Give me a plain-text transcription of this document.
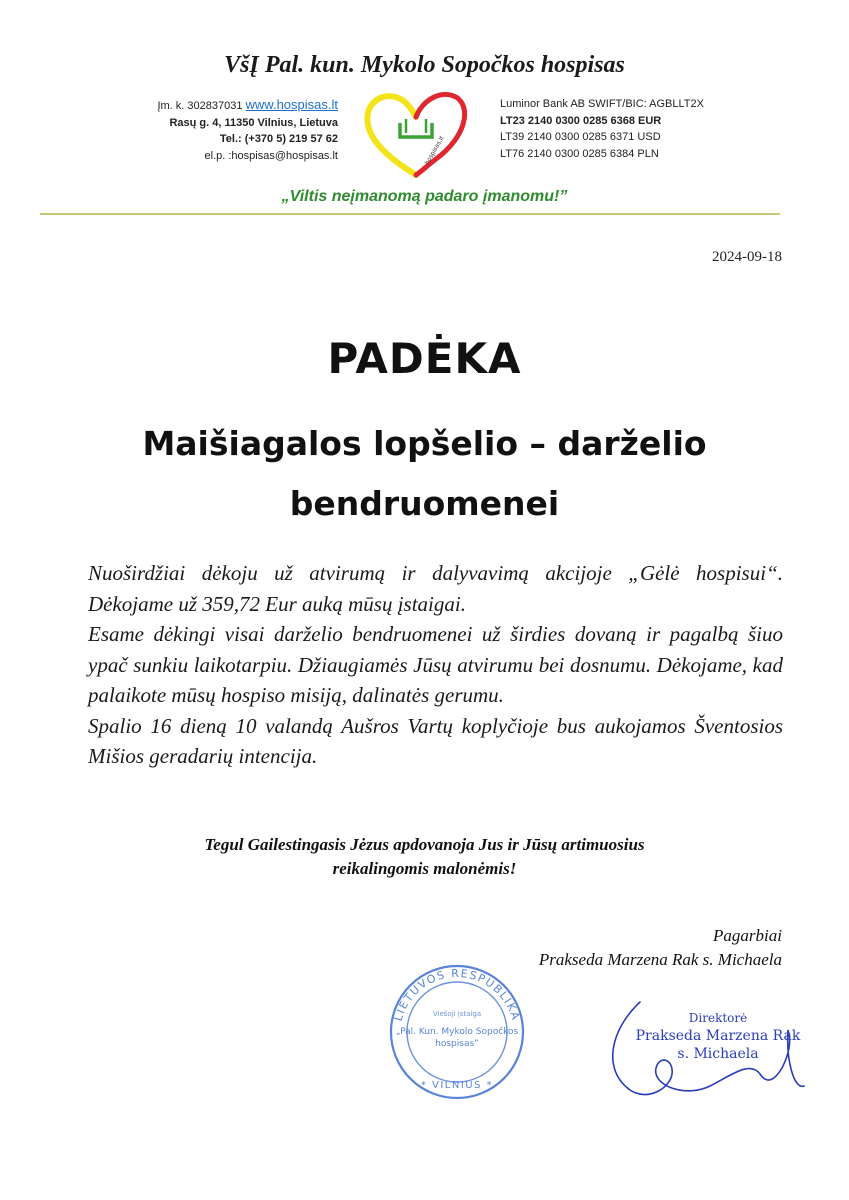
VšĮ Pal. kun. Mykolo Sopočkos hospisas
Įm. k. 302837031 www.hospisas.lt
Rasų g. 4, 11350 Vilnius, Lietuva
Tel.: (+370 5) 219 57 62
el.p. :hospisas@hospisas.lt	hospisas.lt
Luminor Bank AB SWIFT/BIC: AGBLLT2X
LT23 2140 0300 0285 6368 EUR
LT39 2140 0300 0285 6371 USD
LT76 2140 0300 0285 6384 PLN
„Viltis neįmanomą padaro įmanomu!”
2024-09-18
PADĖKA
Maišiagalos lopšelio – darželio
bendruomenei

Nuoširdžiai dėkoju už atvirumą ir dalyvavimą akcijoje „Gėlė hospisui“. Dėkojame už 359,72 Eur auką mūsų įstaigai.

Esame dėkingi visai darželio bendruomenei už širdies dovaną ir pagalbą šiuo ypač sunkiu laikotarpiu. Džiaugiamės Jūsų atvirumu bei dosnumu. Dėkojame, kad palaikote mūsų hospiso misiją, dalinatės gerumu.

Spalio 16 dieną 10 valandą Aušros Vartų koplyčioje bus aukojamos Šventosios Mišios geradarių intencija.

Tegul Gailestingasis Jėzus apdovanoja Jus ir Jūsų artimuosius
reikalingomis malonėmis!
Pagarbiai
Prakseda Marzena Rak s. Michaela
LIETUVOS RESPUBLIKA
Viešoji įstaiga
„Pal. Kun. Mykolo Sopočkos
hospisas”
* VILNIUS *
Direktorė
Prakseda Marzena Rak
s. Michaela
